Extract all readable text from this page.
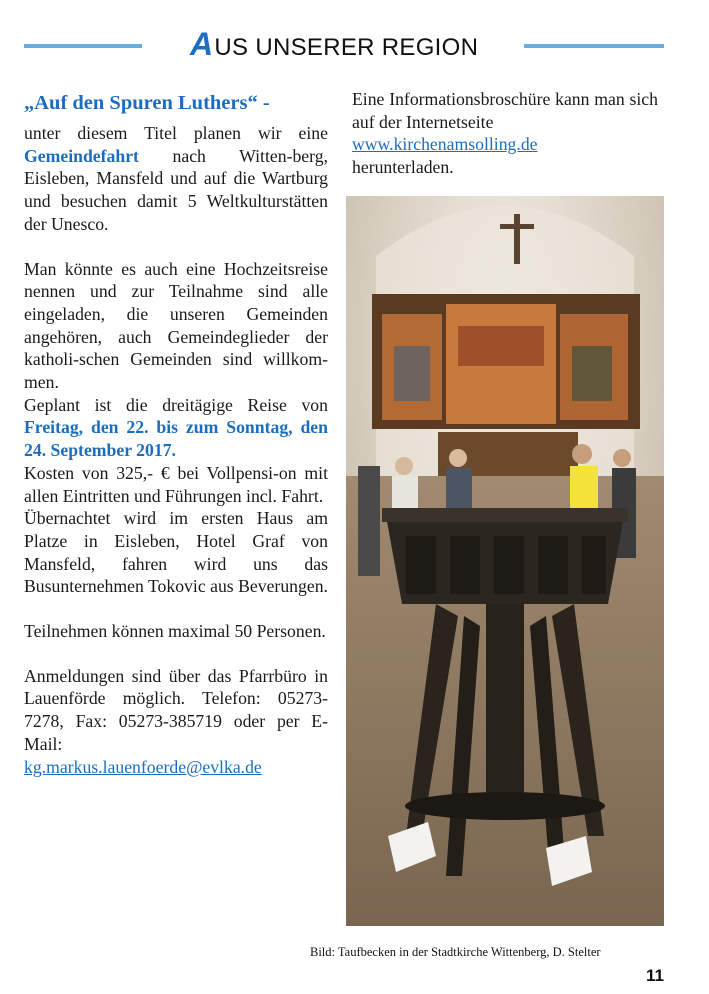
AUS UNSERER REGION
„Auf den Spuren Luthers“ -

unter diesem Titel planen wir eine Gemeindefahrt nach Witten-berg, Eisleben, Mansfeld und auf die Wartburg und besuchen damit 5 Weltkulturstätten der Unesco.

Man könnte es auch eine Hochzeitsreise nennen und zur Teilnahme sind alle eingeladen, die unseren Gemeinden angehören, auch Gemeindeglieder der katholi-schen Gemeinden sind willkom-men.

Geplant ist die dreitägige Reise von Freitag, den 22. bis zum Sonntag, den 24. September 2017.

Kosten von 325,- € bei Vollpensi-on mit allen Eintritten und Führungen incl. Fahrt.

Übernachtet wird im ersten Haus am Platze in Eisleben, Hotel Graf von Mansfeld, fahren wird uns das Busunternehmen Tokovic aus Beverungen.

Teilnehmen können maximal 50 Personen.

Anmeldungen sind über das Pfarrbüro in Lauenförde möglich. Telefon: 05273-7278, Fax: 05273-385719 oder per E-Mail:
kg.markus.lauenfoerde@evlka.de

Eine Informationsbroschüre kann man sich auf der Internetseite
www.kirchenamsolling.de
herunterladen.

Bild: Taufbecken in der Stadtkirche Wittenberg, D. Stelter
11
